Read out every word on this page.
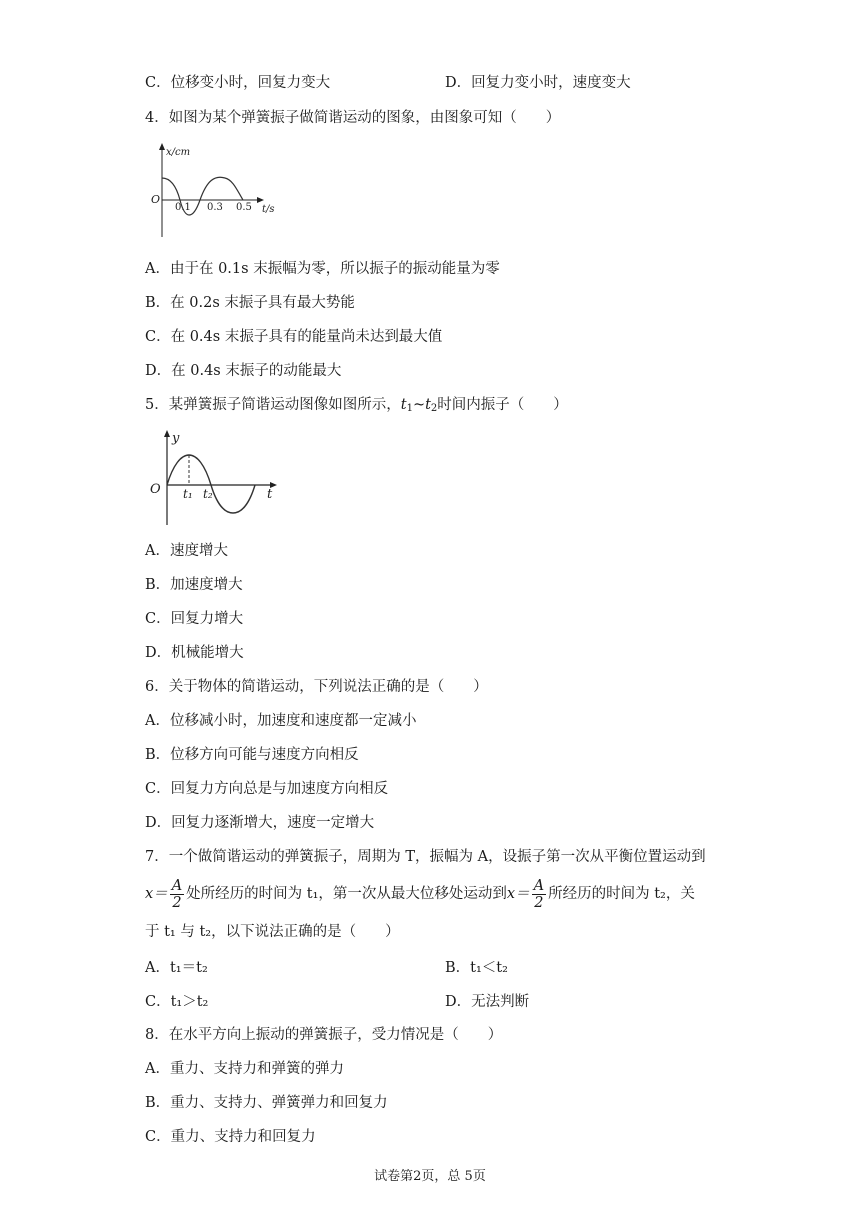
C．位移变小时，回复力变大	D．回复力变小时，速度变大
4．如图为某个弹簧振子做简谐运动的图象，由图象可知（　　）
x/cm
O
0.1 0.3 0.5 t/s
A．由于在 0.1s 末振幅为零，所以振子的振动能量为零
B．在 0.2s 末振子具有最大势能
C．在 0.4s 末振子具有的能量尚未达到最大值
D．在 0.4s 末振子的动能最大
5．某弹簧振子简谐运动图像如图所示，$t_1\sim t_2$时间内振子（　　）
y
O t₁ t₂	t
A．速度增大
B．加速度增大
C．回复力增大
D．机械能增大
6．关于物体的简谐运动，下列说法正确的是（　　）
A．位移减小时，加速度和速度都一定减小
B．位移方向可能与速度方向相反
C．回复力方向总是与加速度方向相反
D．回复力逐渐增大，速度一定增大
7．一个做简谐运动的弹簧振子，周期为 T，振幅为 A，设振子第一次从平衡位置运动到
$x= \frac{A}{2}$ 处所经历的时间为 t₁，第一次从最大位移处运动到$x= \frac{A}{2}$ 所经历的时间为 t₂，关
于 t₁ 与 t₂，以下说法正确的是（　　）
A．t₁＝t₂	B．t₁＜t₂
C．t₁＞t₂	D．无法判断
8．在水平方向上振动的弹簧振子，受力情况是（　　）
A．重力、支持力和弹簧的弹力
B．重力、支持力、弹簧弹力和回复力
C．重力、支持力和回复力
试卷第2页，总 5页
